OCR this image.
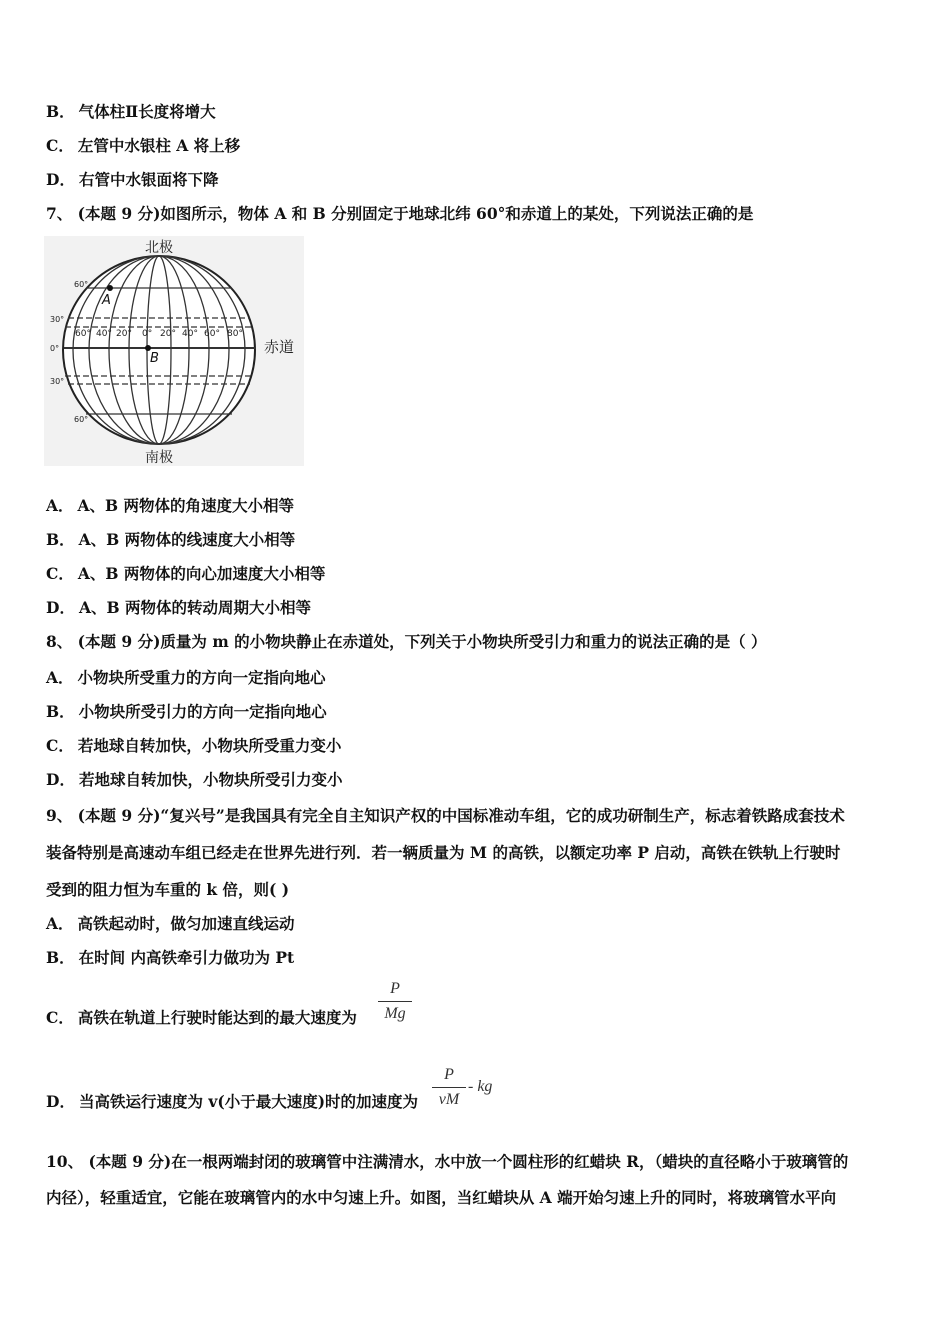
B． 气体柱Ⅱ长度将增大
C． 左管中水银柱 A 将上移
D． 右管中水银面将下降
7、 (本题 9 分)如图所示，物体 A 和 B 分别固定于地球北纬 60°和赤道上的某处，下列说法正确的是
60°
30°
0°
30°
60°
60° 40° 20° 0° 20° 40° 60° 80°
A
B
北极
南极
赤道
A． A、B 两物体的角速度大小相等
B． A、B 两物体的线速度大小相等
C． A、B 两物体的向心加速度大小相等
D． A、B 两物体的转动周期大小相等
8、 (本题 9 分)质量为 m 的小物块静止在赤道处，下列关于小物块所受引力和重力的说法正确的是（ ）
A． 小物块所受重力的方向一定指向地心
B． 小物块所受引力的方向一定指向地心
C． 若地球自转加快，小物块所受重力变小
D． 若地球自转加快，小物块所受引力变小
9、 (本题 9 分)“复兴号”是我国具有完全自主知识产权的中国标准动车组，它的成功研制生产，标志着铁路成套技术
装备特别是高速动车组已经走在世界先进行列．若一辆质量为 M 的高铁，以额定功率 P 启动，高铁在铁轨上行驶时
受到的阻力恒为车重的 k 倍，则( )
A． 高铁起动时，做匀加速直线运动
B． 在时间 内高铁牵引力做功为 Pt
C． 高铁在轨道上行驶时能达到的最大速度为
P
Mg
D． 当高铁运行速度为 v(小于最大速度)时的加速度为
P
vM
- kg
10、 (本题 9 分)在一根两端封闭的玻璃管中注满清水，水中放一个圆柱形的红蜡块 R，（蜡块的直径略小于玻璃管的
内径），轻重适宜，它能在玻璃管内的水中匀速上升。如图，当红蜡块从 A 端开始匀速上升的同时，将玻璃管水平向
